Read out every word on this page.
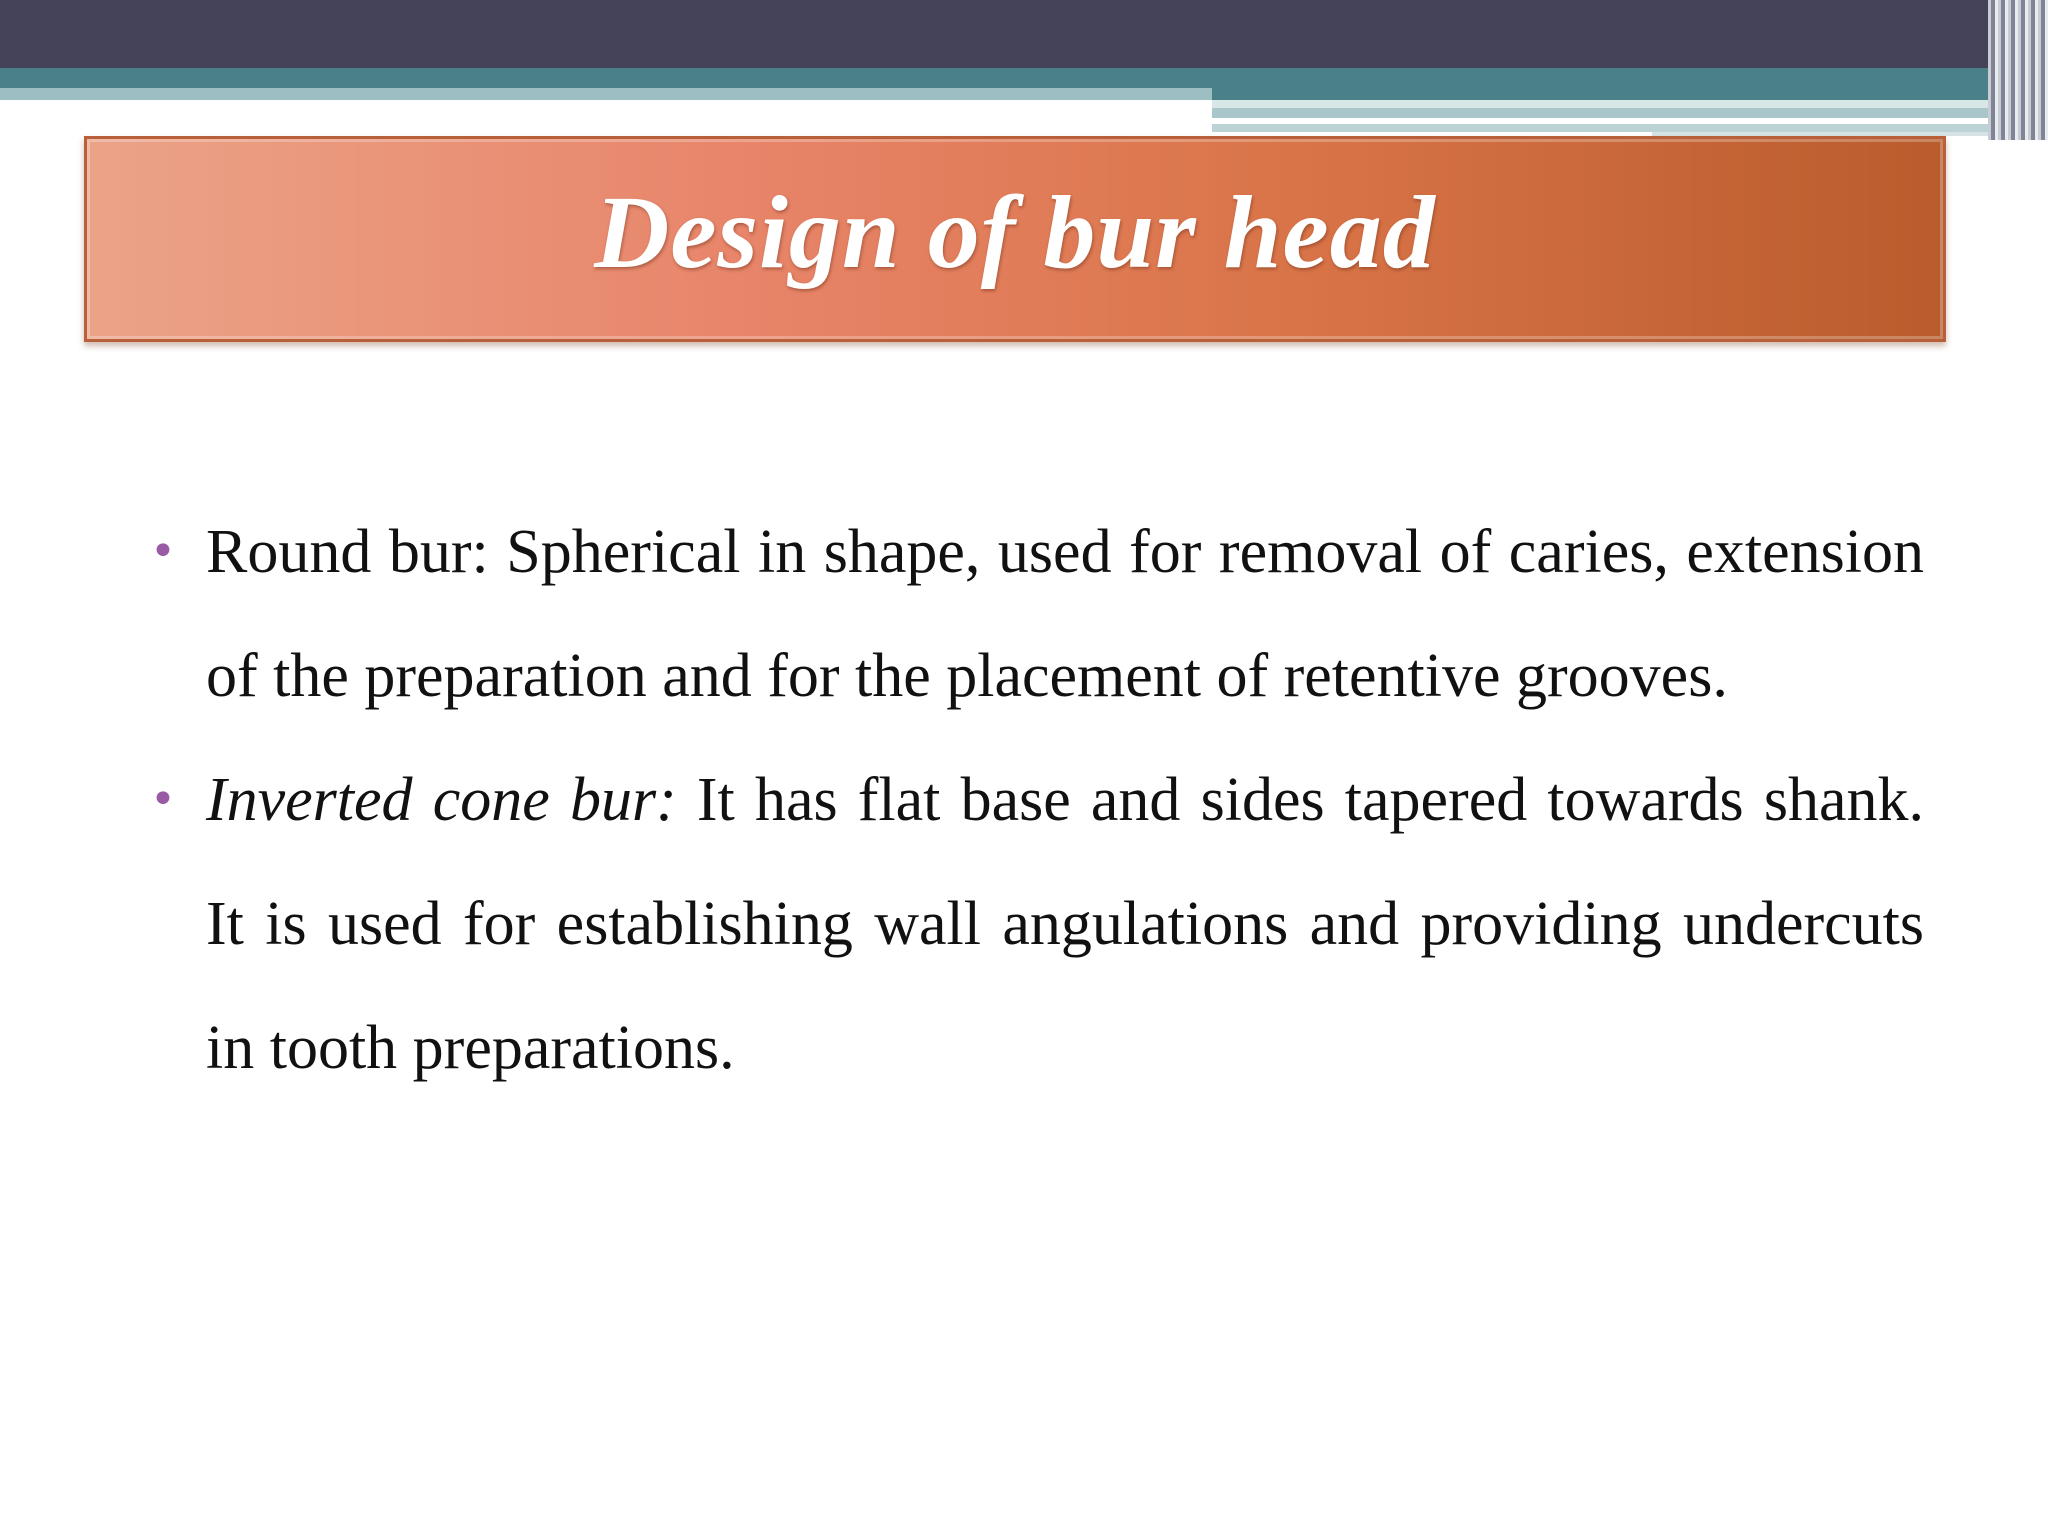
Design of bur head
• Round bur: Spherical in shape, used for removal of caries, extension of the preparation and for the placement of retentive grooves.
• Inverted cone bur: It has flat base and sides tapered towards shank. It is used for establishing wall angulations and providing undercuts in tooth preparations.
